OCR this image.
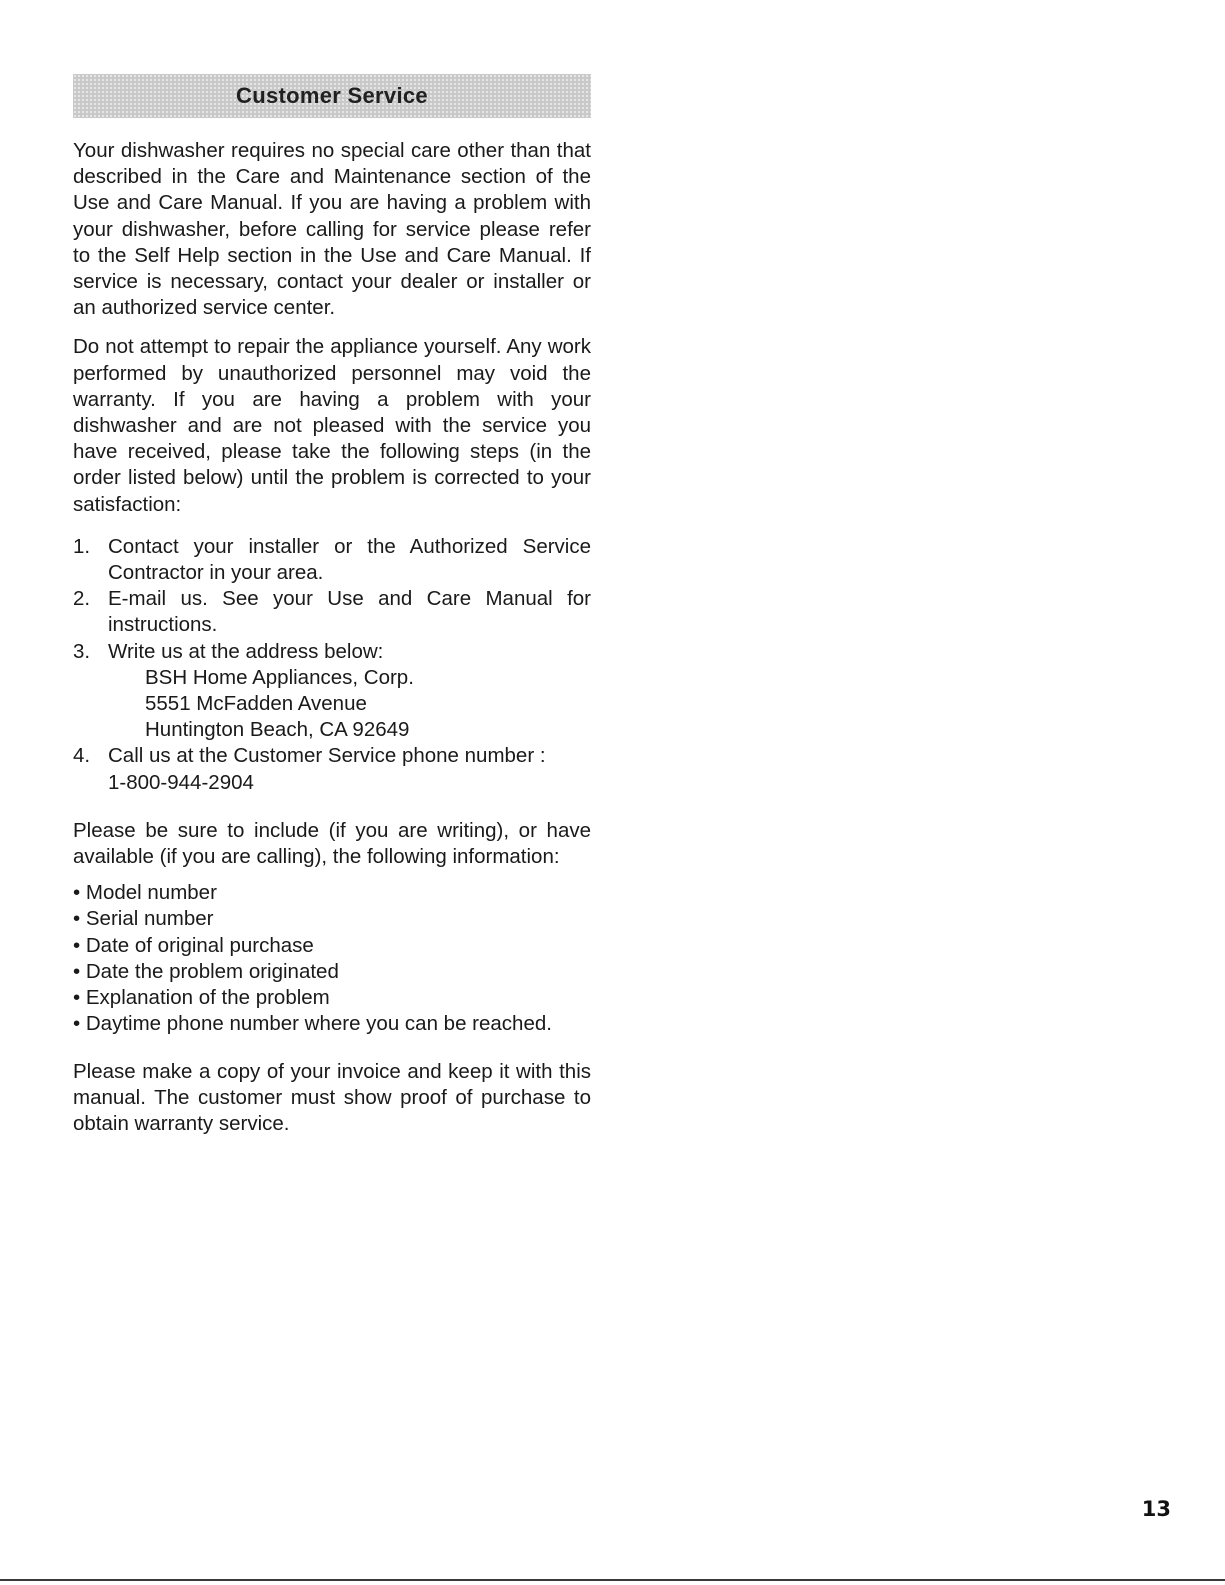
Customer Service

Your dishwasher requires no special care other than that described in the Care and Maintenance section of the Use and Care Manual. If you are having a problem with your dishwasher, before calling for service please refer to the Self Help section in the Use and Care Manual. If service is necessary, contact your dealer or installer or an authorized service center.

Do not attempt to repair the appliance yourself. Any work performed by unauthorized personnel may void the warranty. If you are having a problem with your dishwasher and are not pleased with the service you have received, please take the following steps (in the order listed below) until the problem is corrected to your satisfaction:

1. Contact your installer or the Authorized Service Contractor in your area.
2. E-mail us. See your Use and Care Manual for instructions.
3. Write us at the address below:
BSH Home Appliances, Corp.
5551 McFadden Avenue
Huntington Beach, CA 92649
4. Call us at the Customer Service phone number :
1-800-944-2904

Please be sure to include (if you are writing), or have available (if you are calling), the following information:

• Model number
• Serial number
• Date of original purchase
• Date the problem originated
• Explanation of the problem
• Daytime phone number where you can be reached.

Please make a copy of your invoice and keep it with this manual. The customer must show proof of purchase to obtain warranty service.

13
